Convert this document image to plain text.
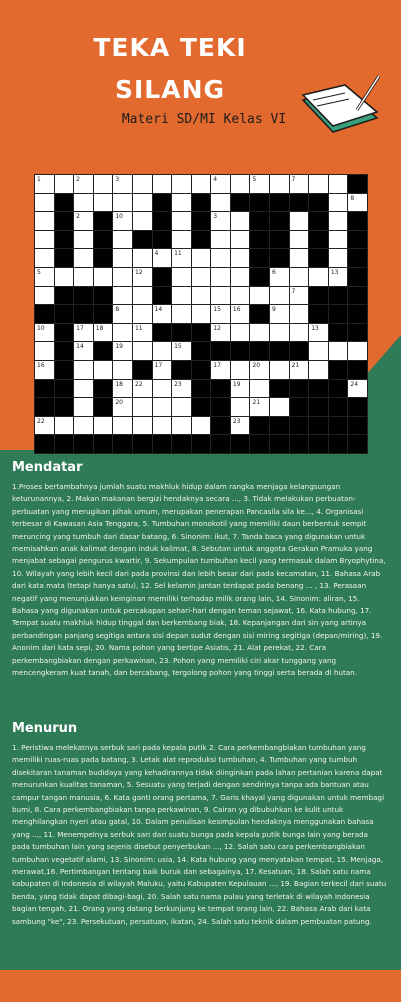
TEKA TEKI
SILANG
Materi SD/MI Kelas VI
1	2	3	4	5	7
8
2	10	3
4	11
5	12	6	13
7
8	14	15 16	9
10	17 18	11	12	13
14	19	15
16	17	17	20	21
18 22	23	19	24
20	21
22	23
Mendatar

1.Proses bertambahnya jumlah suatu makhluk hidup dalam rangka menjaga kelangsungan keturunannya, 2. Makan makanan bergizi hendaknya secara ..., 3. Tidak melakukan perbuatan-perbuatan yang merugikan pihak umum, merupakan penerapan Pancasila sila ke..., 4. Organisasi terbesar di Kawasan Asia Tenggara, 5. Tumbuhan monokotil yang memiliki daun berbentuk sempit meruncing yang tumbuh dari dasar batang, 6. Sinonim: ikut, 7. Tanda baca yang digunakan untuk memisahkan anak kalimat dengan induk kalimat, 8. Sebutan untuk anggota Gerakan Pramuka yang menjabat sebagai pengurus kwartir, 9. Sekumpulan tumbuhan kecil yang termasuk dalam Bryophytina, 10. Wilayah yang lebih kecil dari pada provinsi dan lebih besar dari pada kecamatan, 11. Bahasa Arab dari kata mata (tetapi hanya satu), 12. Sel kelamin jantan terdapat pada benang ... , 13. Perasaan negatif yang menunjukkan keinginan memiliki terhadap milik orang lain, 14. Sinonim: aliran, 15. Bahasa yang digunakan untuk percakapan sehari-hari dengan teman sejawat, 16. Kata hubung, 17. Tempat suatu makhluk hidup tinggal dan berkembang biak, 18. Kepanjangan dari sin yang artinya perbandingan panjang segitiga antara sisi depan sudut dengan sisi miring segitiga (depan/miring), 19. Anonim dari kata sepi, 20. Nama pohon yang bertipe Asiatis, 21. Alat perekat, 22. Cara perkembangbiakan dengan perkawinan, 23. Pohon yang memiliki ciri akar tunggang yang mencengkeram kuat tanah, dan bercabang, tergolong pohon yang tinggi serta berada di hutan.

Menurun

1. Peristiwa melekatnya serbuk sari pada kepala putik 2. Cara perkembangbiakan tumbuhan yang memiliki ruas-ruas pada batang, 3. Letak alat reproduksi tumbuhan, 4. Tumbuhan yang tumbuh disekitaran tanaman budidaya yang kehadirannya tidak diinginkan pada lahan pertanian karena dapat menurunkan kualitas tanaman, 5. Sesuatu yang terjadi dengan sendirinya tanpa ada bantuan atau campur tangan manusia, 6. Kata ganti orang pertama, 7. Garis khayal yang digunakan untuk membagi bumi, 8. Cara perkembangbiakan tanpa perkawinan, 9. Cairan yg dibubuhkan ke kulit untuk menghilangkan nyeri atau gatal, 10. Dalam penulisan kesimpulan hendaknya menggunakan bahasa yang ..., 11. Menempelnya serbuk sari dari suatu bunga pada kepala putik bunga lain yang berada pada tumbuhan lain yang sejenis disebut penyerbukan ..., 12. Salah satu cara perkembangbiakan tumbuhan vegetatif alami, 13. Sinonim: usia, 14. Kata hubung yang menyatakan tempat, 15. Menjaga, merawat,16. Pertimbangan tentang baik buruk dan sebagainya, 17. Kesatuan, 18. Salah satu nama kabupaten di Indonesia di wilayah Maluku, yaitu Kabupaten Kepulauan ..., 19. Bagian terkecil dari suatu benda, yang tidak dapat dibagi-bagi, 20. Salah satu nama pulau yang terletak di wilayah Indonesia bagian tengah, 21. Orang yang datang berkunjung ke tempat orang lain, 22. Bahasa Arab dari kata sambung "ke", 23. Persekutuan, persatuan, ikatan, 24. Salah satu teknik dalam pembuatan patung.
